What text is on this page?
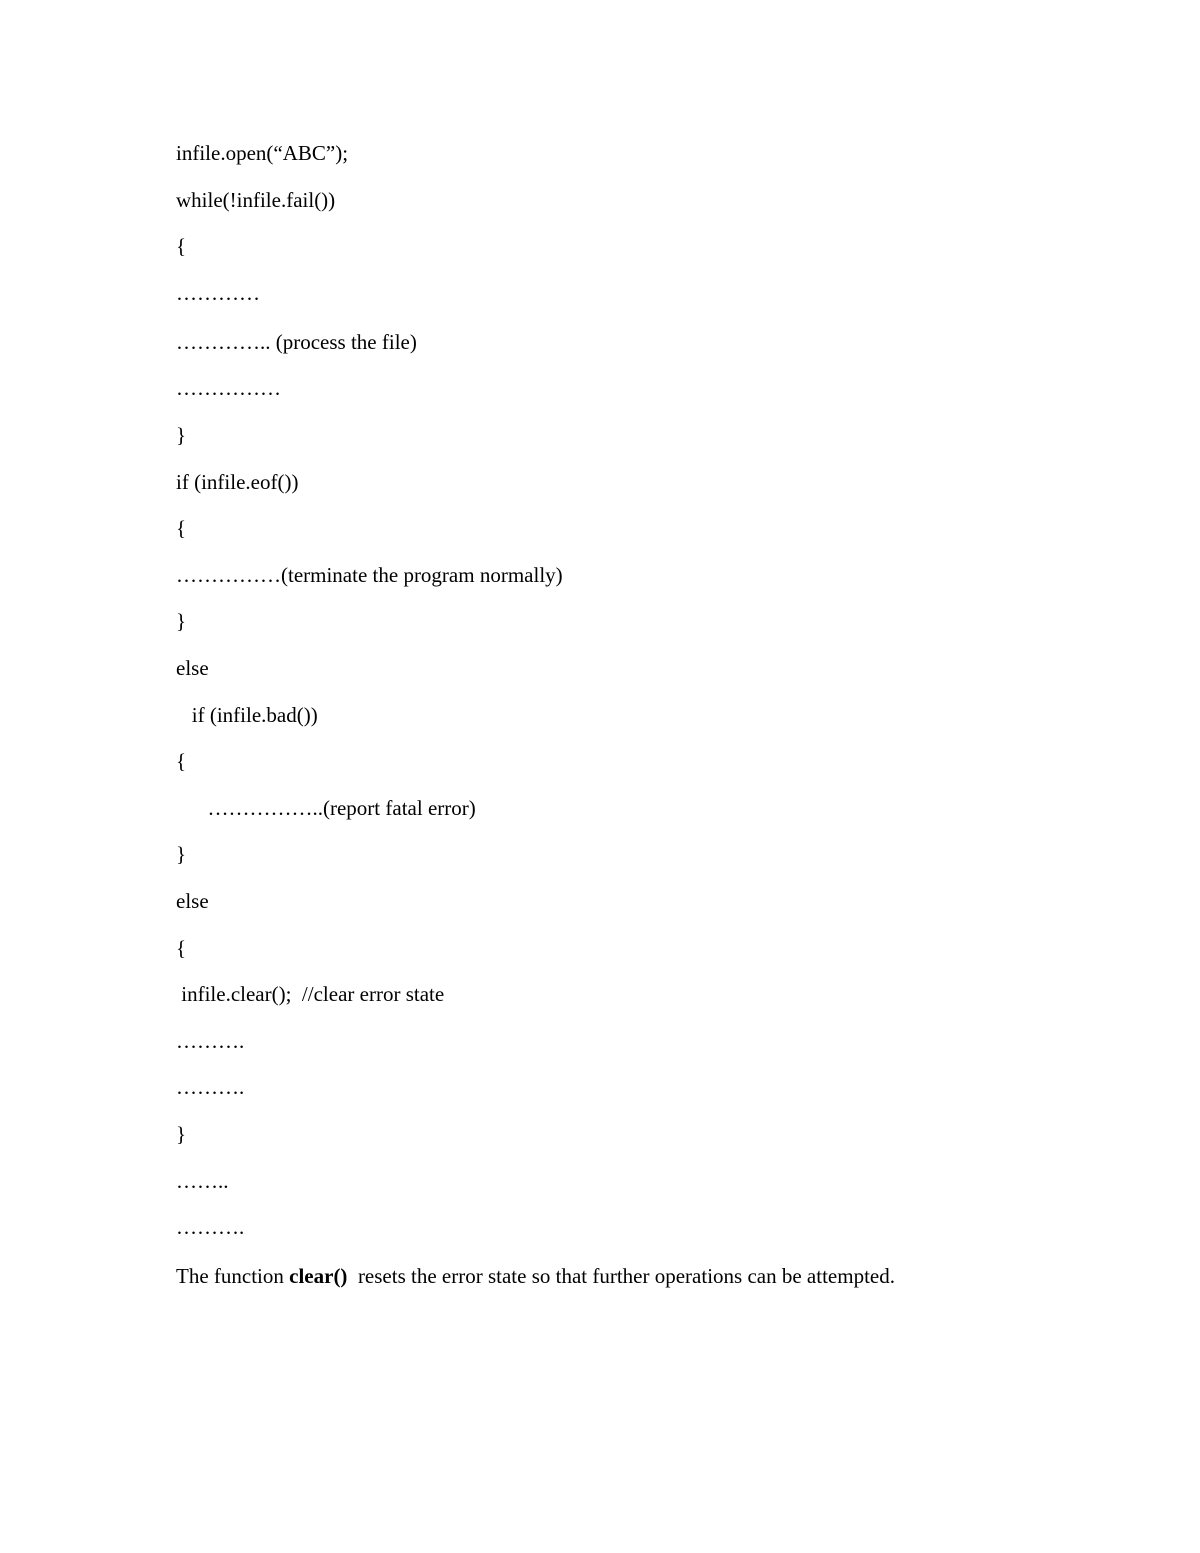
infile.open(“ABC”);
while(!infile.fail())
{
…………
………….. (process the file)
……………
}
if (infile.eof())
{
……………(terminate the program normally)
}
else
if (infile.bad())
{
……………..(report fatal error)
}
else
{
infile.clear();  //clear error state
……….
……….
}
……..
……….
The function clear()  resets the error state so that further operations can be attempted.
